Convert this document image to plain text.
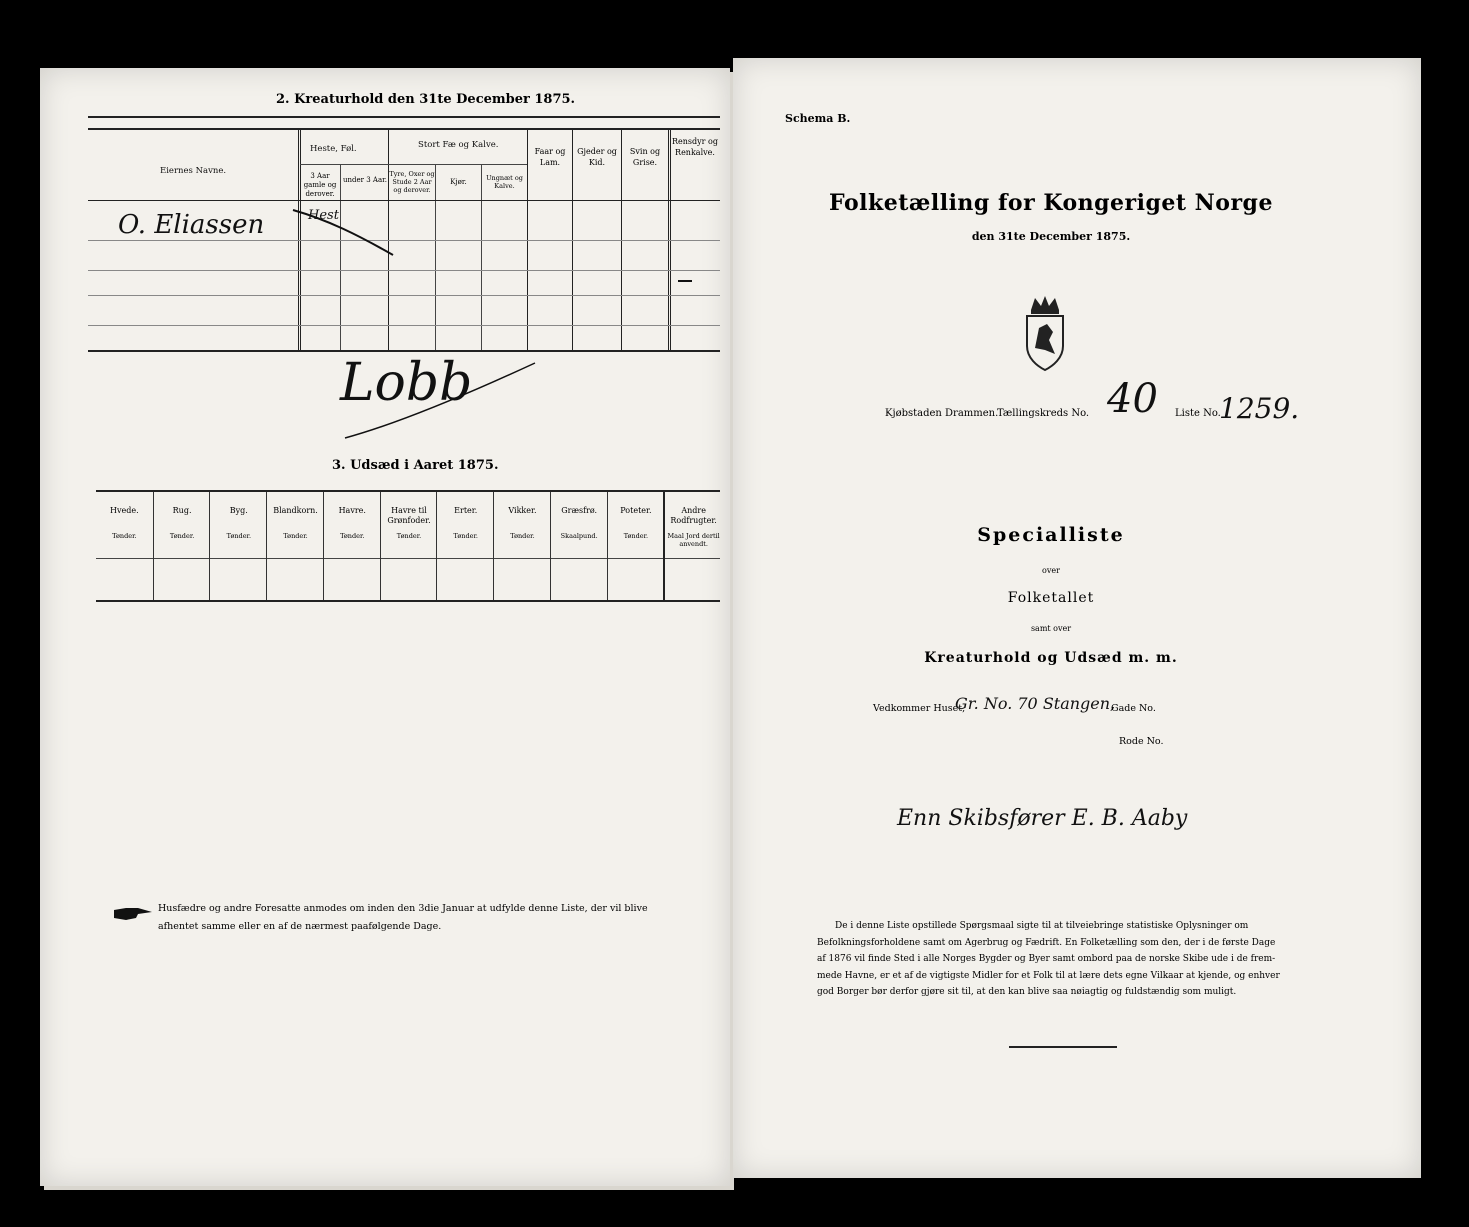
2. Kreaturhold den 31te December 1875.
Eiernes Navne.
Heste, Føl.
3 Aar gamle og derover.
under 3 Aar.
Stort Fæ og Kalve.
Tyre, Oxer og Stude 2 Aar og derover.
Kjør.	Ungnæt og Kalve.
Faar og Lam.
Gjeder og Kid.
Svin og Grise.
Rensdyr og Renkalve.
O. Eliassen	Hest
Lobb
3. Udsæd i Aaret 1875.
Hvede.
Tønder.
Rug.
Tønder.
Byg.
Tønder.
Blandkorn.
Tønder.
Havre.
Tønder.
Havre til Grønfoder.
Tønder.
Erter.
Tønder.
Vikker.
Tønder.
Græsfrø.
Skaalpund.
Poteter.
Tønder.
Andre Rodfrugter.
Maal Jord dertil anvendt.
Husfædre og andre Foresatte anmodes om inden den 3die Januar at udfylde denne Liste, der vil blive
afhentet samme eller en af de nærmest paafølgende Dage.
Schema B.
Folketælling for Kongeriget Norge
den 31te December 1875.
Kjøbstaden Drammen.
Tællingskreds No. 40 Liste No.
1259.
Specialliste
over
Folketallet
samt over
Kreaturhold og Udsæd m. m.
Vedkommer Huset,
Gr. No. 70 Stangen,
Gade No.
Rode No.
Enn Skibsfører E. B. Aaby
De i denne Liste opstillede Spørgsmaal sigte til at tilveiebringe statistiske Oplysninger om
Befolkningsforholdene samt om Agerbrug og Fædrift. En Folketælling som den, der i de første Dage
af 1876 vil finde Sted i alle Norges Bygder og Byer samt ombord paa de norske Skibe ude i de frem-
mede Havne, er et af de vigtigste Midler for et Folk til at lære dets egne Vilkaar at kjende, og enhver
god Borger bør derfor gjøre sit til, at den kan blive saa nøiagtig og fuldstændig som muligt.
